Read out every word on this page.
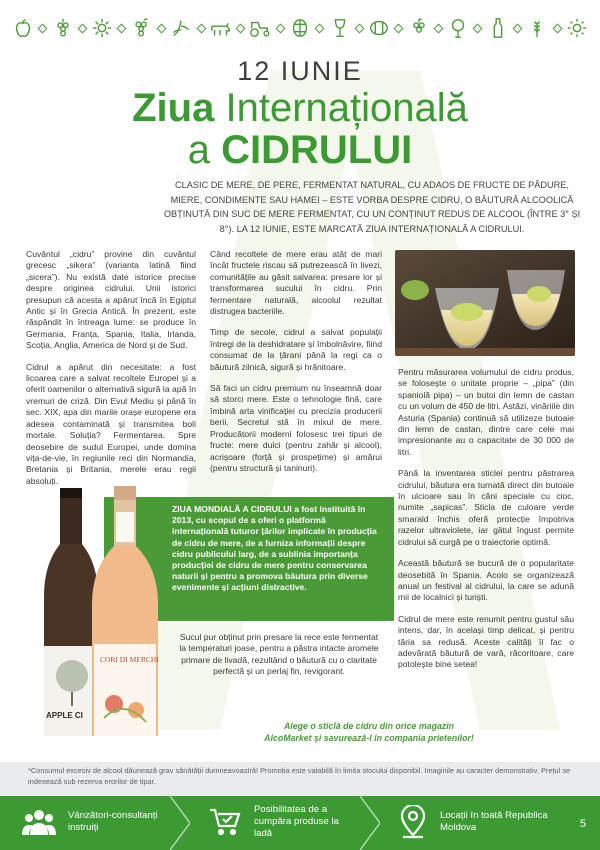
12 IUNIE
Ziua Internațională
a CIDRULUI
CLASIC DE MERE, DE PERE, FERMENTAT NATURAL, CU ADAOS DE FRUCTE DE PĂDURE, MIERE, CONDIMENTE SAU HAMEI – ESTE VORBA DESPRE CIDRU, O BĂUTURĂ ALCOOLICĂ OBȚINUTĂ DIN SUC DE MERE FERMENTAT, CU UN CONȚINUT REDUS DE ALCOOL (ÎNTRE 3° ȘI 8°). LA 12 IUNIE, ESTE MARCATĂ ZIUA INTERNAȚIONALĂ A CIDRULUI.

Cuvântul „cidru” provine din cuvântul grecesc „sikera” (varianta latină fiind „sicera”). Nu există date istorice precise despre originea cidrului. Unii istorici presupun că acesta a apărut încă în Egiptul Antic și în Grecia Antică. În prezent, este răspândit în întreaga lume: se produce în Germania, Franța, Spania, Italia, Irlanda, Scoția, Anglia, America de Nord și de Sud.

Cidrul a apărut din necesitate: a fost licoarea care a salvat recoltele Europei și a oferit oamenilor o alternativă sigură la apă în vremuri de criză. Din Evul Mediu și până în sec. XIX, apa din marile orașe europene era adesea contaminată și transmitea boli mortale. Soluția? Fermentarea. Spre deosebire de sudul Europei, unde domina vița-de-vie, în regiunile reci din Normandia, Bretania și Britania, merele erau regii absoluți.

Când recoltele de mere erau atât de mari încât fructele riscau să putrezească în livezi, comunitățile au găsit salvarea: presare lor și transformarea sucului în cidru. Prin fermentare naturală, alcoolul rezultat distrugea bacteriile.

Timp de secole, cidrul a salvat populații întregi de la deshidratare și îmbolnăvire, fiind consumat de la țărani până la regi ca o băutură zilnică, sigură și hrănitoare.

Să faci un cidru premium nu înseamnă doar să storci mere. Este o tehnologie fină, care îmbină arta vinificației cu precizia producerii berii. Secretul stă în mixul de mere. Producătorii moderni folosesc trei tipuri de fructe: mere dulci (pentru zahăr și alcool), acrișoare (forță și prospețime) și amărui (pentru structură și taninuri).

Pentru măsurarea volumului de cidru produs, se folosește o unitate proprie – „pipa” (din spaniolă pipa) – un butoi din lemn de castan cu un volum de 450 de litri. Astăzi, vinăriile din Asturia (Spania) continuă să utilizeze butoaie din lemn de castan, dintre care cele mai impresionante au o capacitate de 30 000 de litri.

Până la inventarea sticlei pentru păstrarea cidrului, băutura era turnată direct din butoaie în ulcioare sau în căni speciale cu cioc, numite „sapicas”. Sticla de culoare verde smarald închis oferă protecție împotriva razelor ultraviolete, iar gâtul îngust permite cidrului să curgă pe o traiectorie optimă.

Această băutură se bucură de o popularitate deosebită în Spania. Acolo se organizează anual un festival al cidrului, la care se adună mii de localnici și turiști.

Cidrul de mere este renumit pentru gustul său intens, dar, în același timp delicat, și pentru tăria sa redusă. Aceste calități îl fac o adevărată băutură de vară, răcoritoare, care potolește bine setea!

ZIUA MONDIALĂ A CIDRULUI a fost instituită în 2013, cu scopul de a oferi o platformă internațională tuturor țărilor implicate în producția de cidru de mere, de a furniza informații despre cidru publicului larg, de a sublinia importanța producției de cidru de mere pentru conservarea naturii și pentru a promova băutura prin diverse evenimente și acțiuni distractive.
APPLE CI
CORI DI MERCHI

Sucul pur obținut prin presare la rece este fermentat la temperaturi joase, pentru a păstra intacte aromele primare de livadă, rezultând o băutură cu o claritate perfectă și un perlaj fin, revigorant.

Alege o sticlă de cidru din orice magazin AlcoMarket și savurează-l în compania prietenilor!
*Consumul excesiv de alcool dăunează grav sănătății dumneavoastră! Promoția este valabilă în limita stocului disponibil. Imaginile au caracter demonstrativ. Prețul se indexează sub rezerva erorilor de tipar.
Vânzători-consultanți instruiți
Posibilitatea de a cumpăra produse la ladă
Locații în toată Republica Moldova	5
